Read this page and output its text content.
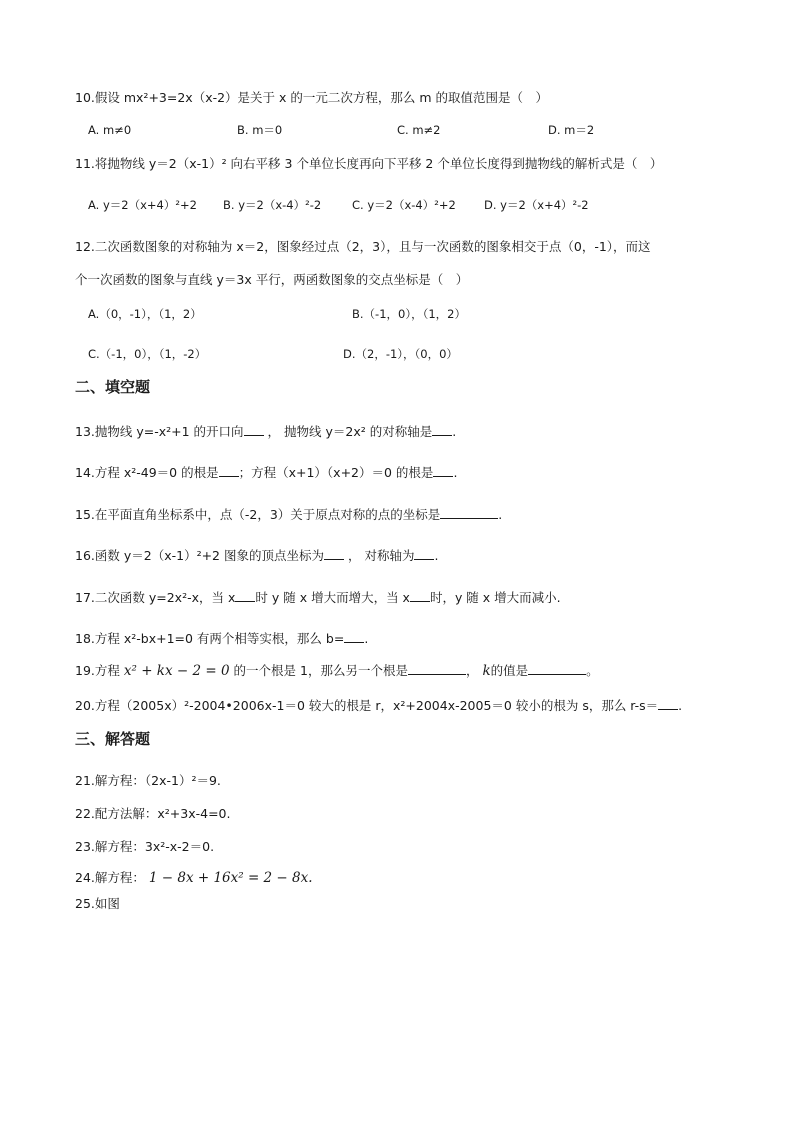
10.假设 mx²+3=2x（x-2）是关于 x 的一元二次方程，那么 m 的取值范围是（　）
A. m≠0	B. m＝0	C. m≠2	D. m＝2
11.将抛物线 y＝2（x-1）² 向右平移 3 个单位长度再向下平移 2 个单位长度得到抛物线的解析式是（　）
A. y＝2（x+4）²+2 B. y＝2（x-4）²-2	C. y＝2（x-4）²+2 D. y＝2（x+4）²-2
12.二次函数图象的对称轴为 x＝2，图象经过点（2，3），且与一次函数的图象相交于点（0，-1），而这
个一次函数的图象与直线 y＝3x 平行，两函数图象的交点坐标是（　）
A.（0，-1），（1，2）	B.（-1，0），（1，2）
C.（-1，0），（1，-2）	D.（2，-1），（0，0）
二、填空题
13.抛物线 y=-x²+1 的开口向 ， 抛物线 y＝2x² 的对称轴是 .
14.方程 x²-49＝0 的根是 ；方程（x+1）（x+2）＝0 的根是 .
15.在平面直角坐标系中，点（-2，3）关于原点对称的点的坐标是	.
16.函数 y＝2（x-1）²+2 图象的顶点坐标为 ， 对称轴为 .
17.二次函数 y=2x²-x，当 x 时 y 随 x 增大而增大，当 x 时，y 随 x 增大而减小.
18.方程 x²-bx+1=0 有两个相等实根，那么 b= .
19.方程 x² + kx − 2 = 0 的一个根是 1，那么另一个根是	， k的值是	。
20.方程（2005x）²-2004•2006x-1＝0 较大的根是 r，x²+2004x-2005＝0 较小的根为 s，那么 r-s＝ .
三、解答题
21.解方程：（2x-1）²＝9.
22.配方法解：x²+3x-4=0.
23.解方程：3x²-x-2＝0.
24.解方程： 1 − 8x + 16x² = 2 − 8x.
25.如图
